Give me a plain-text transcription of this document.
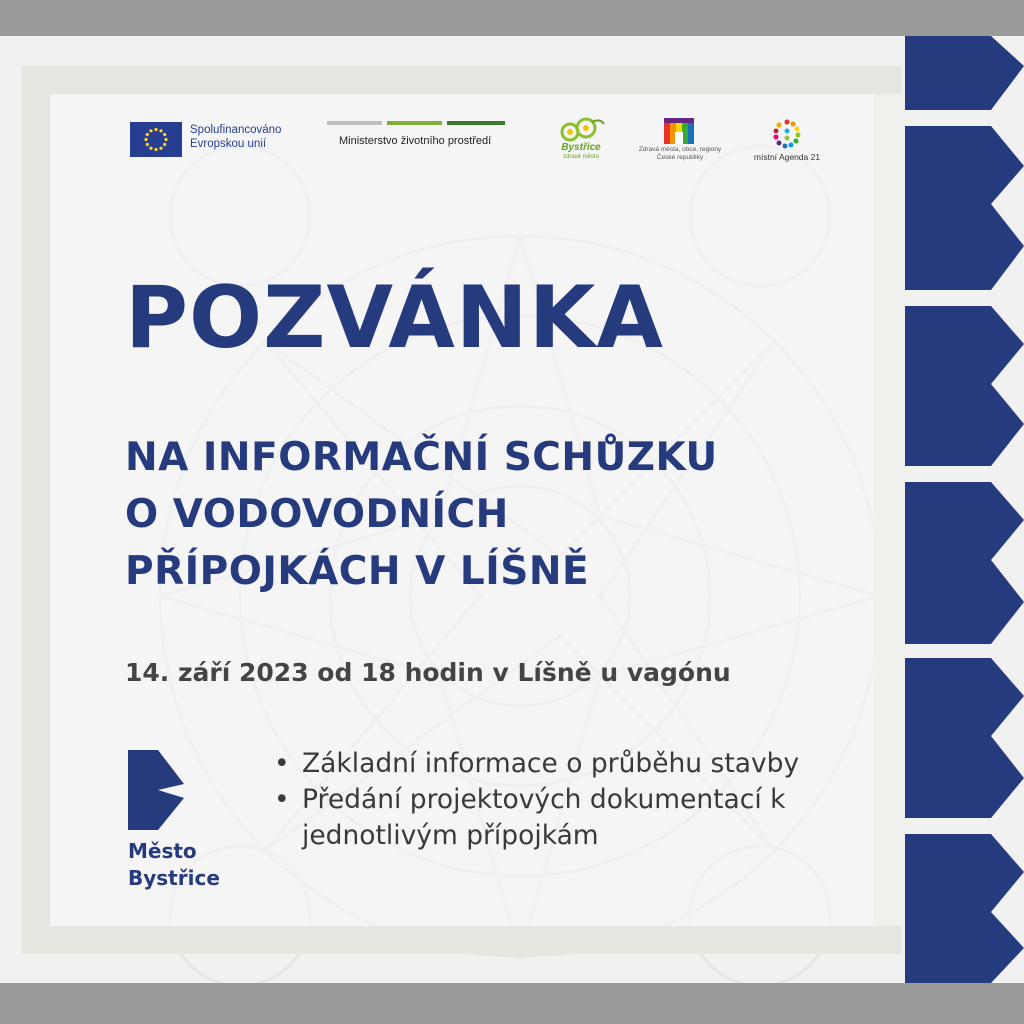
Spolufinancováno
Evropskou unií	Ministerstvo životního prostředí
Bystřice
zdravé město
Zdravá města, obce, regiony
České republiky	místní Agenda 21
POZVÁNKA
NA INFORMAČNÍ SCHŮZKU
O VODOVODNÍCH
PŘÍPOJKÁCH V LÍŠNĚ
14. září 2023 od 18 hodin v Líšně u vagónu
Město
Bystřice
• Základní informace o průběhu stavby
• Předání projektových dokumentací k jednotlivým přípojkám
